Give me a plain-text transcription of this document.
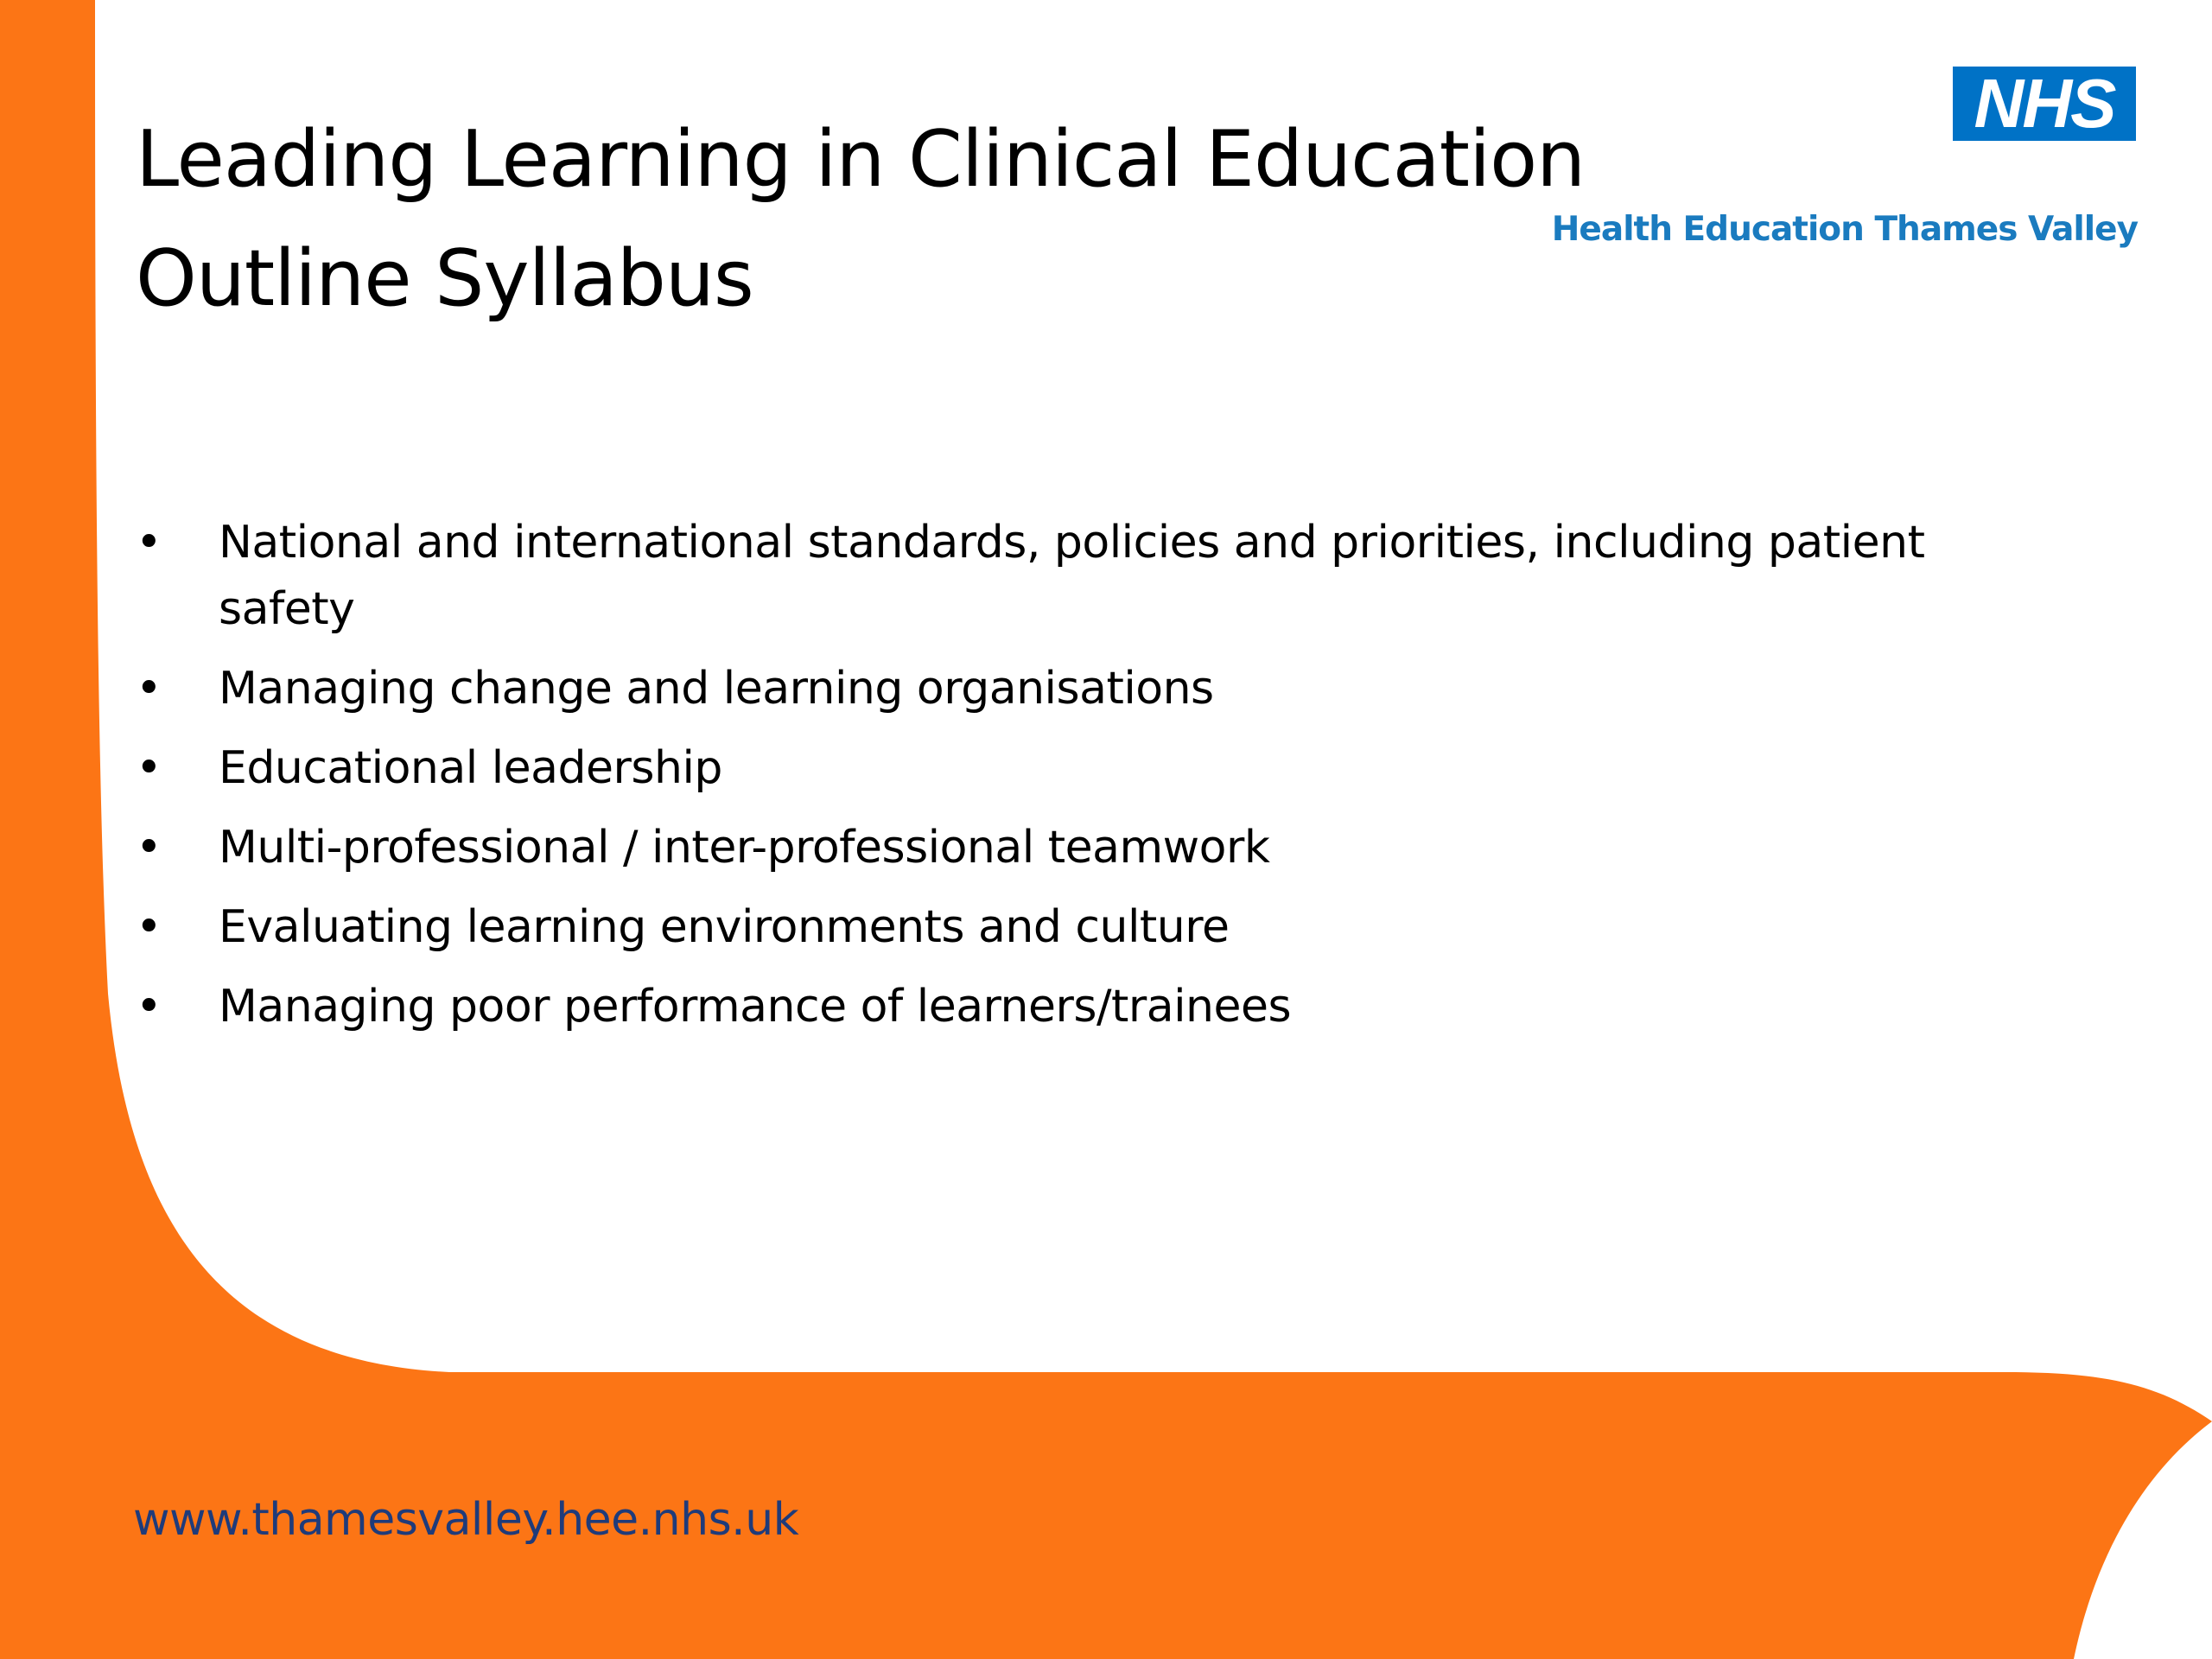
Leading Learning in Clinical Education
Outline Syllabus
NHS

Health Education Thames Valley

• National and international standards, policies and priorities, including patient safety
• Managing change and learning organisations
• Educational leadership
• Multi-professional / inter-professional teamwork
• Evaluating learning environments and culture
• Managing poor performance of learners/trainees

www.thamesvalley.hee.nhs.uk
